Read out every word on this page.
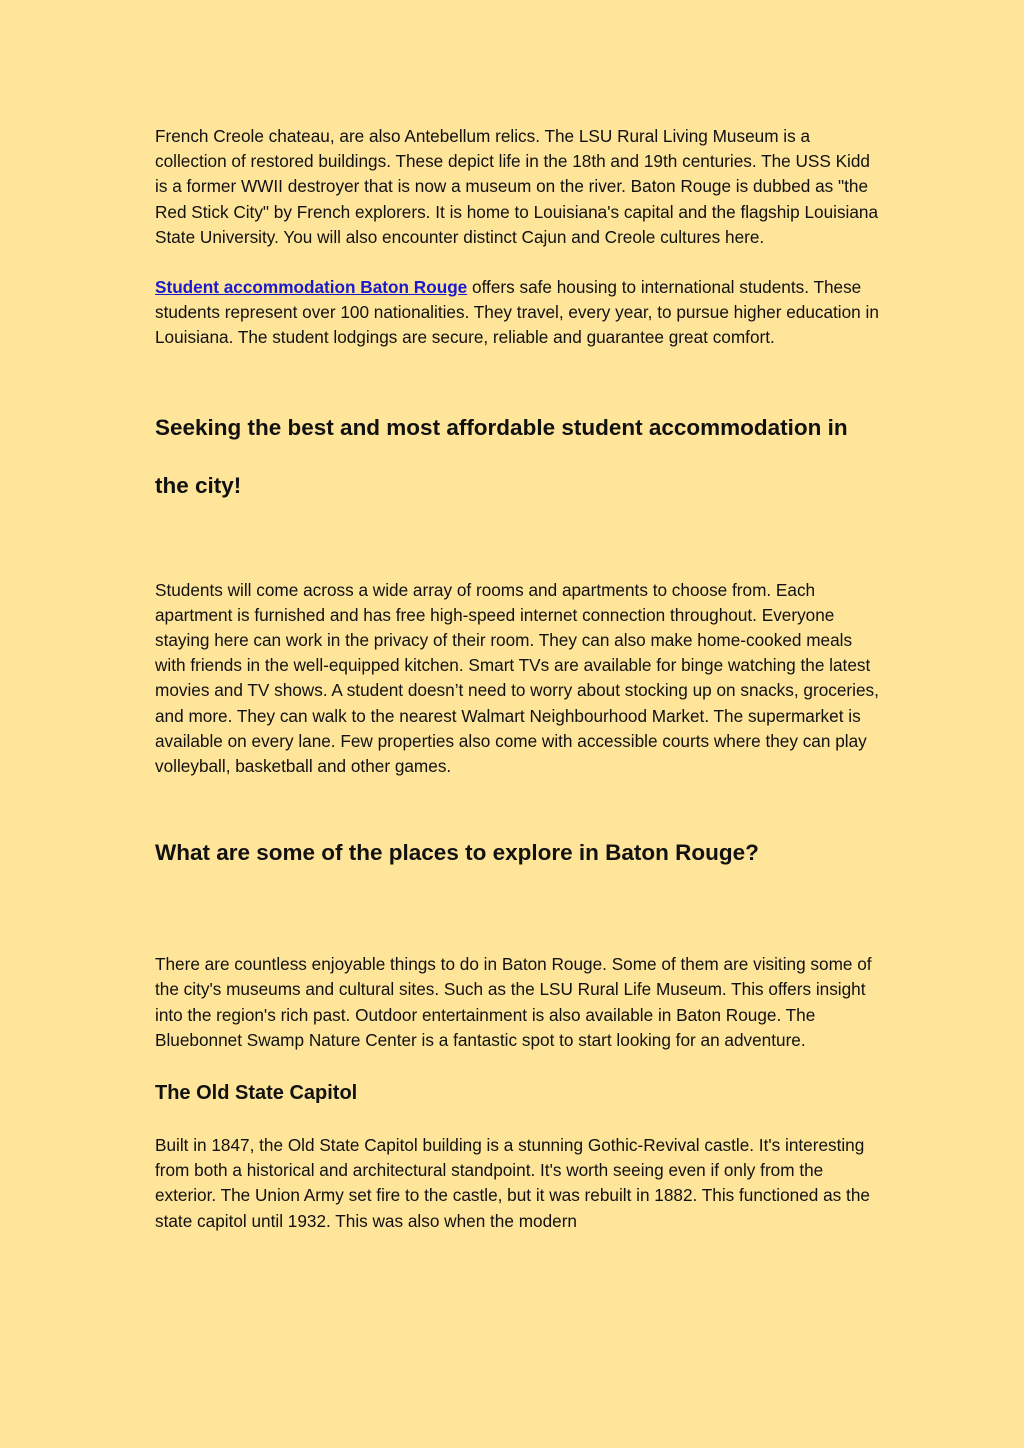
French Creole chateau, are also Antebellum relics. The LSU Rural Living Museum is a collection of restored buildings. These depict life in the 18th and 19th centuries. The USS Kidd is a former WWII destroyer that is now a museum on the river. Baton Rouge is dubbed as "the Red Stick City" by French explorers. It is home to Louisiana's capital and the flagship Louisiana State University. You will also encounter distinct Cajun and Creole cultures here.

Student accommodation Baton Rouge offers safe housing to international students. These students represent over 100 nationalities. They travel, every year, to pursue higher education in Louisiana. The student lodgings are secure, reliable and guarantee great comfort.

Seeking the best and most affordable student accommodation in the city!

Students will come across a wide array of rooms and apartments to choose from. Each apartment is furnished and has free high-speed internet connection throughout. Everyone staying here can work in the privacy of their room. They can also make home-cooked meals with friends in the well-equipped kitchen. Smart TVs are available for binge watching the latest movies and TV shows. A student doesn’t need to worry about stocking up on snacks, groceries, and more. They can walk to the nearest Walmart Neighbourhood Market. The supermarket is available on every lane. Few properties also come with accessible courts where they can play volleyball, basketball and other games.

What are some of the places to explore in Baton Rouge?

There are countless enjoyable things to do in Baton Rouge. Some of them are visiting some of the city's museums and cultural sites. Such as the LSU Rural Life Museum. This offers insight into the region's rich past. Outdoor entertainment is also available in Baton Rouge. The Bluebonnet Swamp Nature Center is a fantastic spot to start looking for an adventure.

The Old State Capitol

Built in 1847, the Old State Capitol building is a stunning Gothic-Revival castle. It's interesting from both a historical and architectural standpoint. It's worth seeing even if only from the exterior. The Union Army set fire to the castle, but it was rebuilt in 1882. This functioned as the state capitol until 1932. This was also when the modern
